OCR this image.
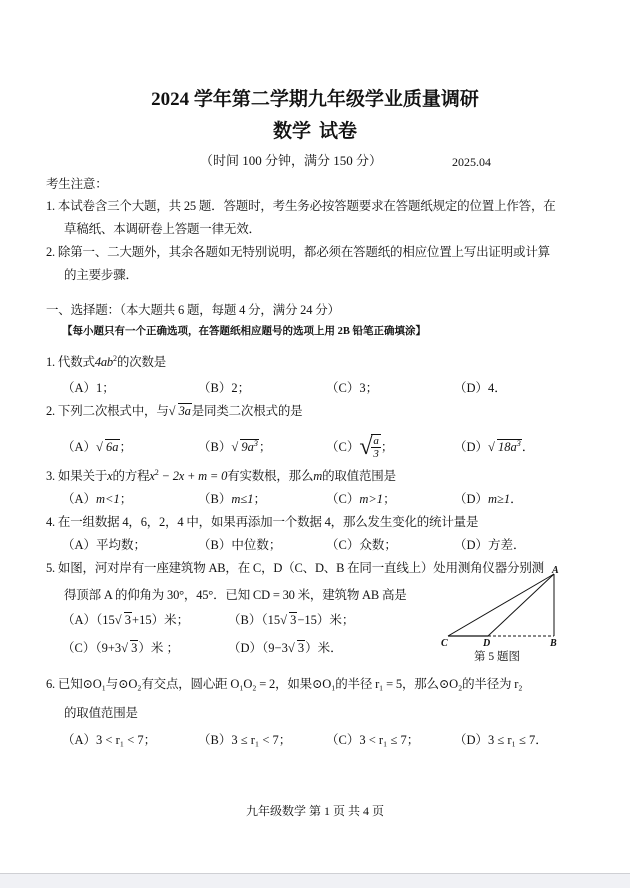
2024 学年第二学期九年级学业质量调研
数学 试卷
（时间 100 分钟，满分 150 分）	2025.04
考生注意：
1. 本试卷含三个大题，共 25 题．答题时，考生务必按答题要求在答题纸规定的位置上作答，在
草稿纸、本调研卷上答题一律无效．
2. 除第一、二大题外，其余各题如无特别说明，都必须在答题纸的相应位置上写出证明或计算
的主要步骤．
一、选择题：（本大题共 6 题，每题 4 分，满分 24 分）
【每小题只有一个正确选项，在答题纸相应题号的选项上用 2B 铅笔正确填涂】
1. 代数式$4ab^2$的次数是
（A）1；	（B）2；	（C）3；	（D）4．
2. 下列二次根式中，与 √ 3a是同类二次根式的是
（A） √ 6a；	（B） √ $9a^3$；	（C） √ $\frac{a}{3}$ ；	（D） √ $18a^3$．
3. 如果关于x的方程$x^2 - 2x + m = 0$有实数根，那么m的取值范围是
（A）m<1；	（B）m≤1；	（C）m>1；	（D）m≥1．
4. 在一组数据 4，6，2，4 中，如果再添加一个数据 4，那么发生变化的统计量是
（A）平均数；	（B）中位数；	（C）众数；	（D）方差．
5. 如图，河对岸有一座建筑物 AB，在 C，D（C、D、B 在同一直线上）处用测角仪器分别测
得顶部 A 的仰角为 30°，45°．已知 CD = 30 米，建筑物 AB 高是
（A）（15 √ 3+15）米；	（B）（15 √ 3−15）米；
（C）（9+3 √ 3）米 ；	（D）（9−3 √ 3）米．
A
B
C	D
第 5 题图
6. 已知⊙O₁与⊙O₂有交点，圆心距 O₁O₂ = 2，如果⊙O₁的半径 r₁ = 5，那么⊙O₂的半径为 r₂
的取值范围是
（A）3 < r₁ < 7；	（B）3 ≤ r₁ < 7；	（C）3 < r₁ ≤ 7；	（D）3 ≤ r₁ ≤ 7．
九年级数学 第 1 页 共 4 页
